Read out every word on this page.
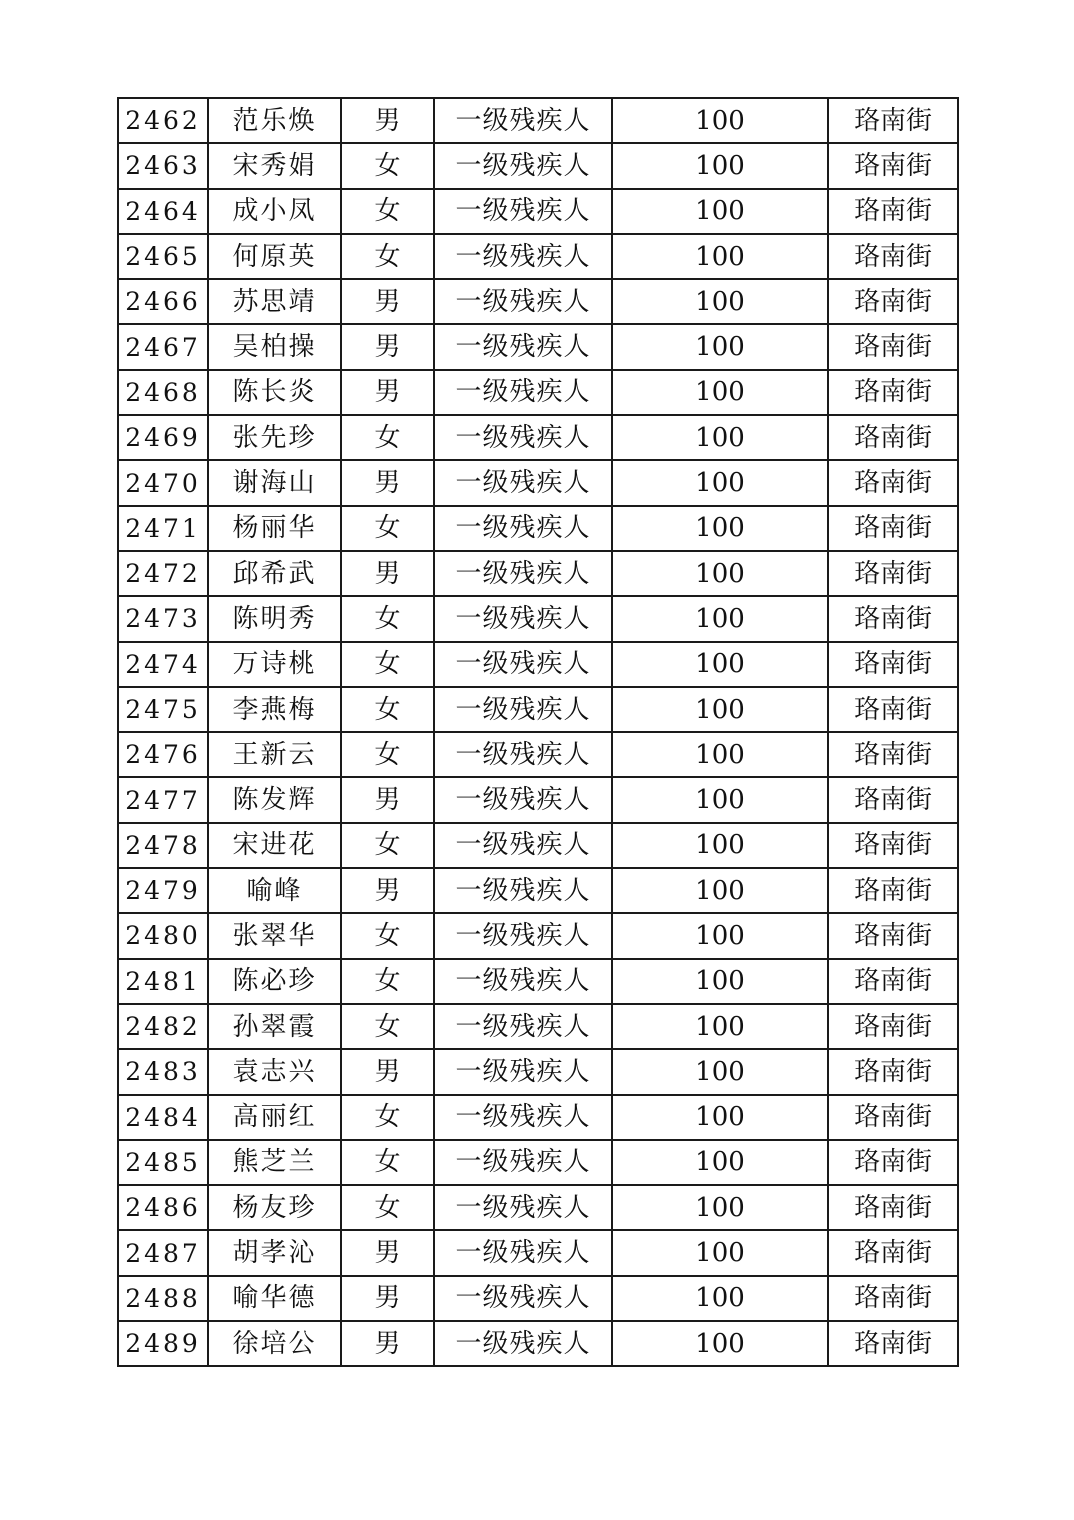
2462	范乐焕	男	一级残疾人	100	珞南街
2463	宋秀娟	女	一级残疾人	100	珞南街
2464	成小凤	女	一级残疾人	100	珞南街
2465	何原英	女	一级残疾人	100	珞南街
2466	苏思靖	男	一级残疾人	100	珞南街
2467	吴柏操	男	一级残疾人	100	珞南街
2468	陈长炎	男	一级残疾人	100	珞南街
2469	张先珍	女	一级残疾人	100	珞南街
2470	谢海山	男	一级残疾人	100	珞南街
2471	杨丽华	女	一级残疾人	100	珞南街
2472	邱希武	男	一级残疾人	100	珞南街
2473	陈明秀	女	一级残疾人	100	珞南街
2474	万诗桃	女	一级残疾人	100	珞南街
2475	李燕梅	女	一级残疾人	100	珞南街
2476	王新云	女	一级残疾人	100	珞南街
2477	陈发辉	男	一级残疾人	100	珞南街
2478	宋进花	女	一级残疾人	100	珞南街
2479	喻峰	男	一级残疾人	100	珞南街
2480	张翠华	女	一级残疾人	100	珞南街
2481	陈必珍	女	一级残疾人	100	珞南街
2482	孙翠霞	女	一级残疾人	100	珞南街
2483	袁志兴	男	一级残疾人	100	珞南街
2484	高丽红	女	一级残疾人	100	珞南街
2485	熊芝兰	女	一级残疾人	100	珞南街
2486	杨友珍	女	一级残疾人	100	珞南街
2487	胡孝沁	男	一级残疾人	100	珞南街
2488	喻华德	男	一级残疾人	100	珞南街
2489	徐培公	男	一级残疾人	100	珞南街
